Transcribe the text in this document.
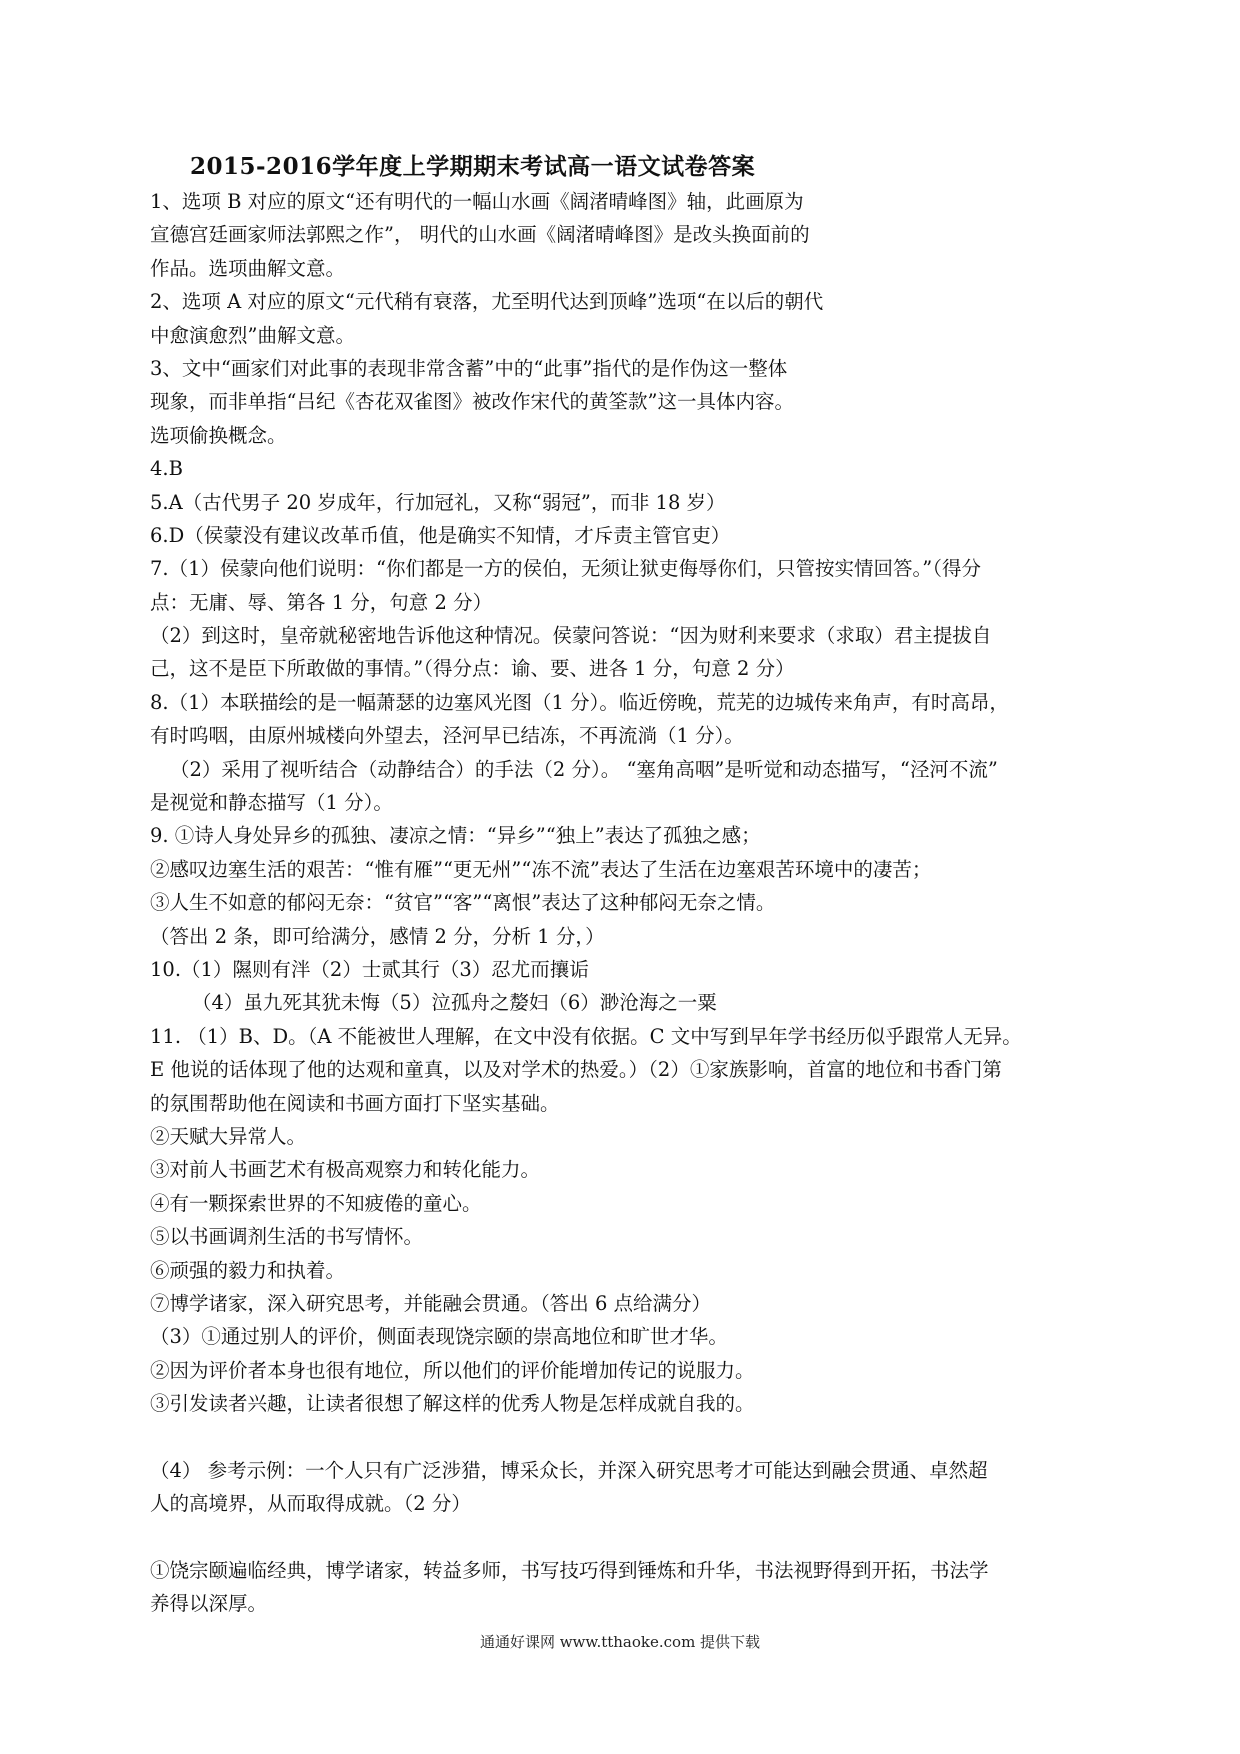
2015-2016学年度上学期期末考试高一语文试卷答案
1、选项 B 对应的原文“还有明代的一幅山水画《阔渚晴峰图》轴，此画原为
宣德宫廷画家师法郭熙之作”， 明代的山水画《阔渚晴峰图》是改头换面前的
作品。选项曲解文意。
2、选项 A 对应的原文“元代稍有衰落，尤至明代达到顶峰”选项“在以后的朝代
中愈演愈烈”曲解文意。
3、文中“画家们对此事的表现非常含蓄”中的“此事”指代的是作伪这一整体
现象，而非单指“吕纪《杏花双雀图》被改作宋代的黄筌款”这一具体内容。
选项偷换概念。
4.B
5.A（古代男子 20 岁成年，行加冠礼，又称“弱冠”，而非 18 岁）
6.D（侯蒙没有建议改革币值，他是确实不知情，才斥责主管官吏）
7.（1）侯蒙向他们说明：“你们都是一方的侯伯，无须让狱吏侮辱你们，只管按实情回答。”（得分
点：无庸、辱、第各 1 分，句意 2 分）
（2）到这时，皇帝就秘密地告诉他这种情况。侯蒙问答说：“因为财利来要求（求取）君主提拔自
己，这不是臣下所敢做的事情。”（得分点：谕、要、进各 1 分，句意 2 分）
8.（1）本联描绘的是一幅萧瑟的边塞风光图（1 分）。临近傍晚，荒芜的边城传来角声，有时高昂，
有时呜咽，由原州城楼向外望去，泾河早已结冻，不再流淌（1 分）。
（2）采用了视听结合（动静结合）的手法（2 分）。 “塞角高咽”是听觉和动态描写，“泾河不流”
是视觉和静态描写（1 分）。
9. ①诗人身处异乡的孤独、凄凉之情：“异乡”“独上”表达了孤独之感；
②感叹边塞生活的艰苦：“惟有雁”“更无州”“冻不流”表达了生活在边塞艰苦环境中的凄苦；
③人生不如意的郁闷无奈：“贫官”“客”“离恨”表达了这种郁闷无奈之情。
（答出 2 条，即可给满分，感情 2 分，分析 1 分，）
10.（1）隰则有泮（2）士贰其行（3）忍尤而攘诟
（4）虽九死其犹未悔（5）泣孤舟之嫠妇（6）渺沧海之一粟
11. （1）B、D。（A 不能被世人理解，在文中没有依据。C 文中写到早年学书经历似乎跟常人无异。
E 他说的话体现了他的达观和童真，以及对学术的热爱。）（2）①家族影响，首富的地位和书香门第
的氛围帮助他在阅读和书画方面打下坚实基础。
②天赋大异常人。
③对前人书画艺术有极高观察力和转化能力。
④有一颗探索世界的不知疲倦的童心。
⑤以书画调剂生活的书写情怀。
⑥顽强的毅力和执着。
⑦博学诸家，深入研究思考，并能融会贯通。（答出 6 点给满分）
（3）①通过别人的评价，侧面表现饶宗颐的崇高地位和旷世才华。
②因为评价者本身也很有地位，所以他们的评价能增加传记的说服力。
③引发读者兴趣，让读者很想了解这样的优秀人物是怎样成就自我的。
（4） 参考示例：一个人只有广泛涉猎，博采众长，并深入研究思考才可能达到融会贯通、卓然超
人的高境界，从而取得成就。（2 分）
①饶宗颐遍临经典，博学诸家，转益多师，书写技巧得到锤炼和升华，书法视野得到开拓，书法学
养得以深厚。
通通好课网 www.tthaoke.com 提供下载
